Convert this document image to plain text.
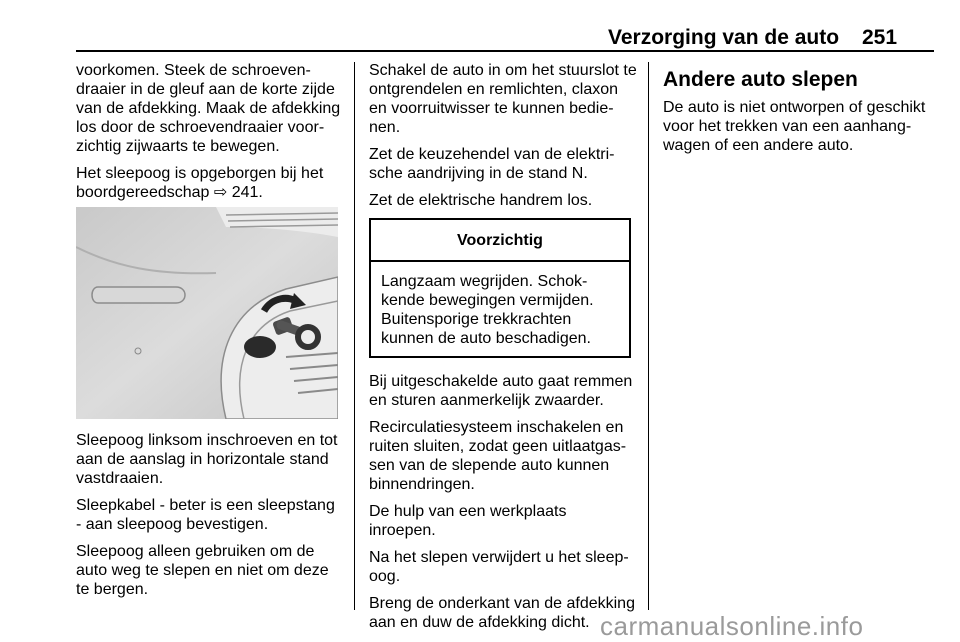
Verzorging van de auto 251

voorkomen. Steek de schroevendraaier in de gleuf aan de korte zijde van de afdekking. Maak de afdekking los door de schroevendraaier voorzichtig zijwaarts te bewegen.

Het sleepoog is opgeborgen bij het boordgereedschap ⇨ 241.

Sleepoog linksom inschroeven en tot aan de aanslag in horizontale stand vastdraaien.

Sleepkabel - beter is een sleepstang - aan sleepoog bevestigen.

Sleepoog alleen gebruiken om de auto weg te slepen en niet om deze te bergen.

Schakel de auto in om het stuurslot te ontgrendelen en remlichten, claxon en voorruitwisser te kunnen bedienen.

Zet de keuzehendel van de elektrische aandrijving in de stand N.

Zet de elektrische handrem los.

Voorzichtig
Langzaam wegrijden. Schokkende bewegingen vermijden. Buitensporige trekkrachten kunnen de auto beschadigen.

Bij uitgeschakelde auto gaat remmen en sturen aanmerkelijk zwaarder.

Recirculatiesysteem inschakelen en ruiten sluiten, zodat geen uitlaatgassen van de slepende auto kunnen binnendringen.

De hulp van een werkplaats inroepen.

Na het slepen verwijdert u het sleepoog.

Breng de onderkant van de afdekking aan en duw de afdekking dicht.

Andere auto slepen

De auto is niet ontworpen of geschikt voor het trekken van een aanhangwagen of een andere auto.

carmanualsonline.info
